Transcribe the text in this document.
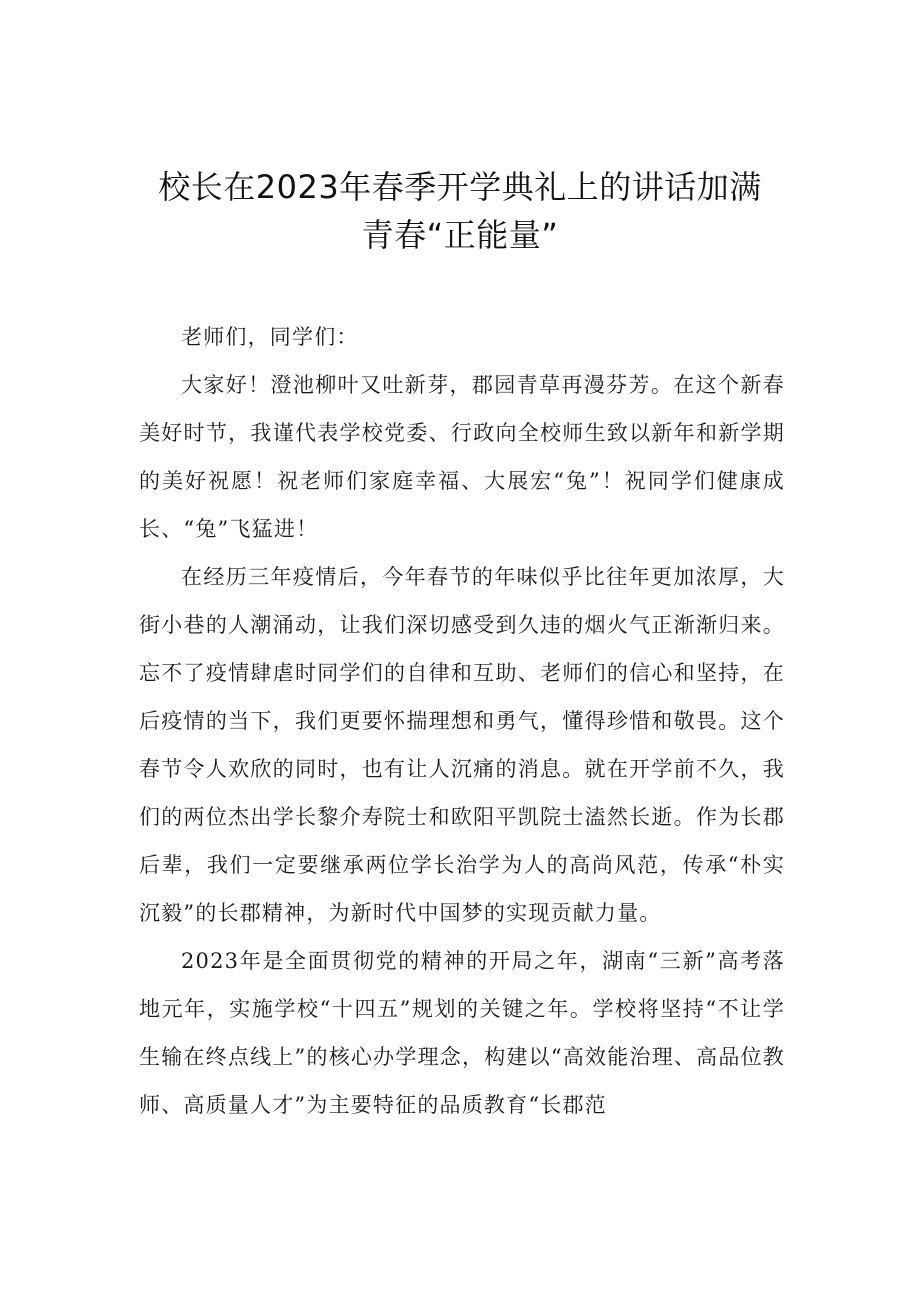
校长在2023年春季开学典礼上的讲话加满
青春“正能量”

老师们，同学们：

大家好！澄池柳叶又吐新芽，郡园青草再漫芬芳。在这个新春美好时节，我谨代表学校党委、行政向全校师生致以新年和新学期的美好祝愿！祝老师们家庭幸福、大展宏“兔”！祝同学们健康成长、“兔”飞猛进！

在经历三年疫情后，今年春节的年味似乎比往年更加浓厚，大街小巷的人潮涌动，让我们深切感受到久违的烟火气正渐渐归来。忘不了疫情肆虐时同学们的自律和互助、老师们的信心和坚持，在后疫情的当下，我们更要怀揣理想和勇气，懂得珍惜和敬畏。这个春节令人欢欣的同时，也有让人沉痛的消息。就在开学前不久，我们的两位杰出学长黎介寿院士和欧阳平凯院士溘然长逝。作为长郡后辈，我们一定要继承两位学长治学为人的高尚风范，传承“朴实沉毅”的长郡精神，为新时代中国梦的实现贡献力量。

2023年是全面贯彻党的精神的开局之年，湖南“三新”高考落地元年，实施学校“十四五”规划的关键之年。学校将坚持“不让学生输在终点线上”的核心办学理念，构建以“高效能治理、高品位教师、高质量人才”为主要特征的品质教育“长郡范
